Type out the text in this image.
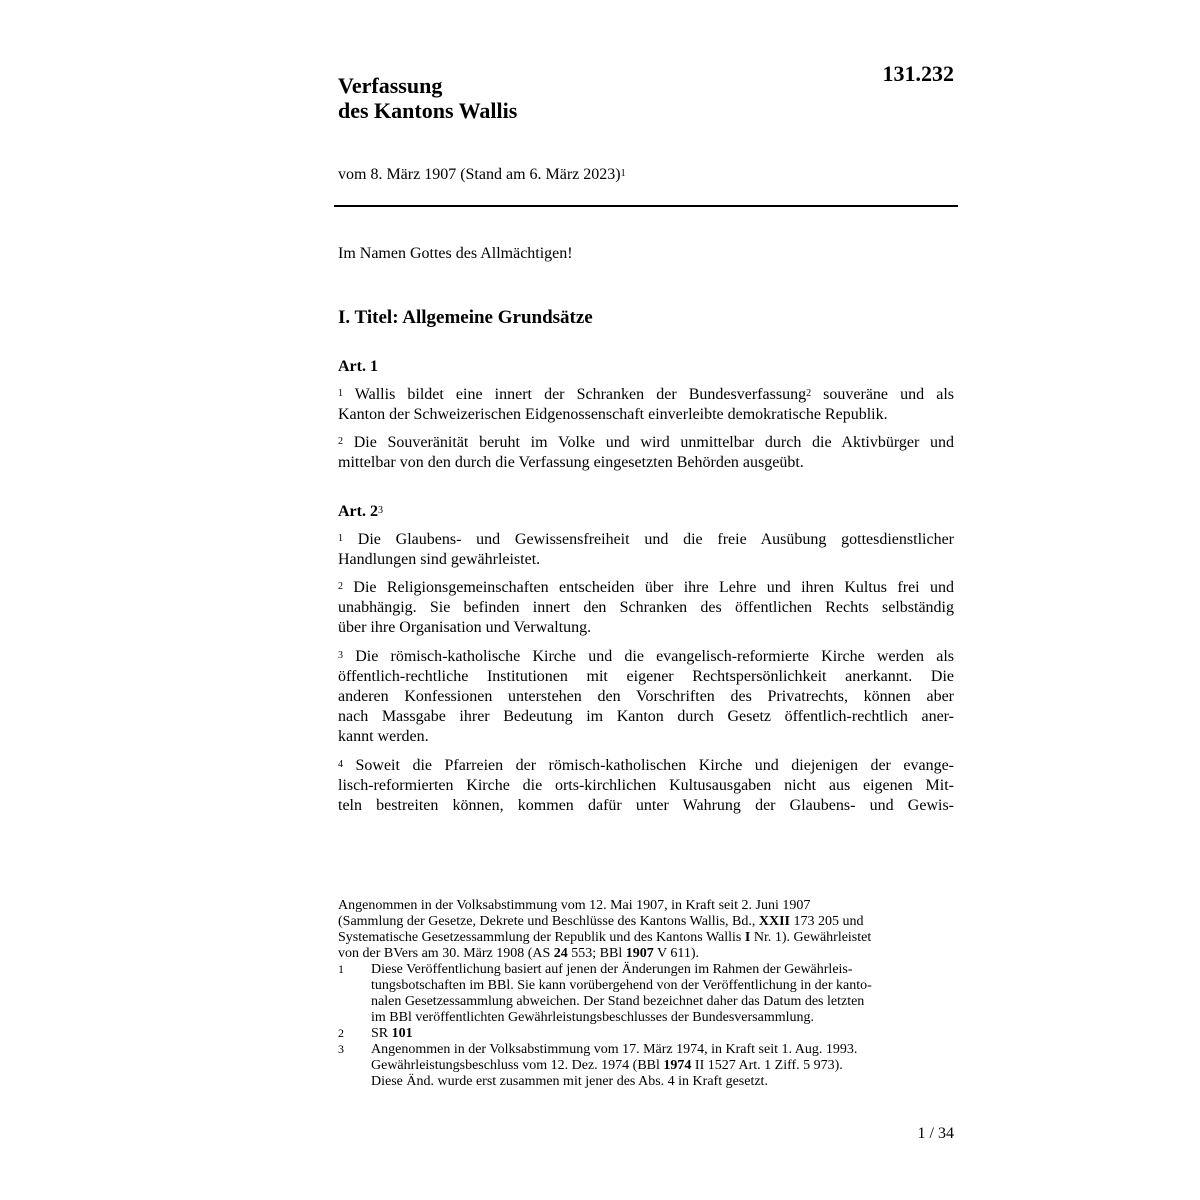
131.232
Verfassung
des Kantons Wallis
vom 8. März 1907 (Stand am 6. März 2023)$^1$
Im Namen Gottes des Allmächtigen!
I. Titel: Allgemeine Grundsätze
Art. 1
$^1$ Wallis bildet eine innert der Schranken der Bundesverfassung$^2$ souveräne und als
Kanton der Schweizerischen Eidgenossenschaft einverleibte demokratische Republik.
$^2$ Die Souveränität beruht im Volke und wird unmittelbar durch die Aktivbürger und
mittelbar von den durch die Verfassung eingesetzten Behörden ausgeübt.
Art. $2^3$
$^1$ Die Glaubens- und Gewissensfreiheit und die freie Ausübung gottesdienstlicher
Handlungen sind gewährleistet.
$^2$ Die Religionsgemeinschaften entscheiden über ihre Lehre und ihren Kultus frei und
unabhängig. Sie befinden innert den Schranken des öffentlichen Rechts selbständig
über ihre Organisation und Verwaltung.
$^3$ Die römisch-katholische Kirche und die evangelisch-reformierte Kirche werden als
öffentlich-rechtliche Institutionen mit eigener Rechtspersönlichkeit anerkannt. Die
anderen Konfessionen unterstehen den Vorschriften des Privatrechts, können aber
nach Massgabe ihrer Bedeutung im Kanton durch Gesetz öffentlich-rechtlich aner-
kannt werden.
$^4$ Soweit die Pfarreien der römisch-katholischen Kirche und diejenigen der evange-
lisch-reformierten Kirche die orts-kirchlichen Kultusausgaben nicht aus eigenen Mit-
teln bestreiten können, kommen dafür unter Wahrung der Glaubens- und Gewis-
Angenommen in der Volksabstimmung vom 12. Mai 1907, in Kraft seit 2. Juni 1907
(Sammlung der Gesetze, Dekrete und Beschlüsse des Kantons Wallis, Bd., XXII 173 205 und
Systematische Gesetzessammlung der Republik und des Kantons Wallis I Nr. 1). Gewährleistet
von der BVers am 30. März 1908 (AS 24 553; BBl 1907 V 611).
1	Diese Veröffentlichung basiert auf jenen der Änderungen im Rahmen der Gewährleis-
tungsbotschaften im BBl. Sie kann vorübergehend von der Veröffentlichung in der kanto-
nalen Gesetzessammlung abweichen. Der Stand bezeichnet daher das Datum des letzten
im BBl veröffentlichten Gewährleistungsbeschlusses der Bundesversammlung.
2	SR 101
3	Angenommen in der Volksabstimmung vom 17. März 1974, in Kraft seit 1. Aug. 1993.
Gewährleistungsbeschluss vom 12. Dez. 1974 (BBl 1974 II 1527 Art. 1 Ziff. 5 973).
Diese Änd. wurde erst zusammen mit jener des Abs. 4 in Kraft gesetzt.
1 / 34
